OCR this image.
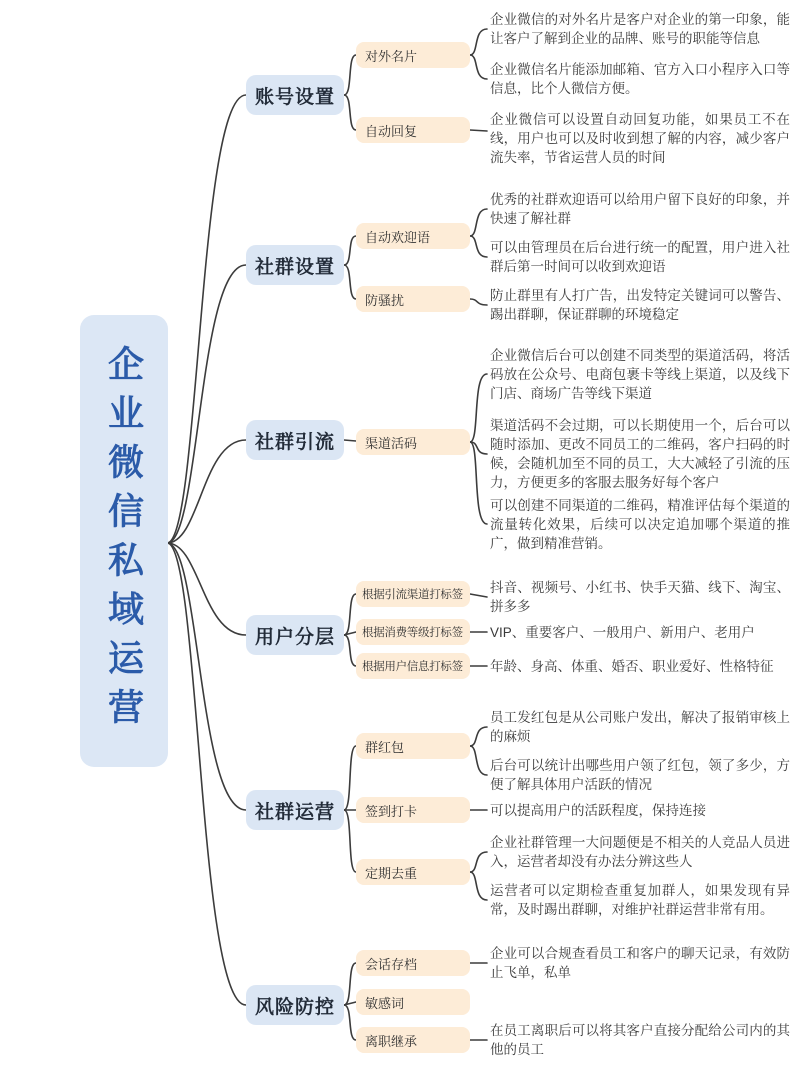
企业微信私域运营
账号设置
社群设置
社群引流
用户分层
社群运营
风险防控
对外名片
自动回复
自动欢迎语
防骚扰
渠道活码
根据引流渠道打标签
根据消费等级打标签
根据用户信息打标签
群红包
签到打卡
定期去重
会话存档
敏感词
离职继承
企业微信的对外名片是客户对企业的第一印象，能让客户了解到企业的品牌、账号的职能等信息
企业微信名片能添加邮箱、官方入口小程序入口等信息，比个人微信方便。
企业微信可以设置自动回复功能，如果员工不在线，用户也可以及时收到想了解的内容，减少客户流失率，节省运营人员的时间
优秀的社群欢迎语可以给用户留下良好的印象，并快速了解社群
可以由管理员在后台进行统一的配置，用户进入社群后第一时间可以收到欢迎语
防止群里有人打广告，出发特定关键词可以警告、踢出群聊，保证群聊的环境稳定
企业微信后台可以创建不同类型的渠道活码，将活码放在公众号、电商包裹卡等线上渠道，以及线下门店、商场广告等线下渠道
渠道活码不会过期，可以长期使用一个，后台可以随时添加、更改不同员工的二维码，客户扫码的时候，会随机加至不同的员工，大大减轻了引流的压力，方便更多的客服去服务好每个客户
可以创建不同渠道的二维码，精准评估每个渠道的流量转化效果，后续可以决定追加哪个渠道的推广，做到精准营销。
抖音、视频号、小红书、快手天猫、线下、淘宝、拼多多
VIP、重要客户、一般用户、新用户、老用户
年龄、身高、体重、婚否、职业爱好、性格特征
员工发红包是从公司账户发出，解决了报销审核上的麻烦
后台可以统计出哪些用户领了红包，领了多少，方便了解具体用户活跃的情况
可以提高用户的活跃程度，保持连接
企业社群管理一大问题便是不相关的人竞品人员进入，运营者却没有办法分辨这些人
运营者可以定期检查重复加群人，如果发现有异常，及时踢出群聊，对维护社群运营非常有用。
企业可以合规查看员工和客户的聊天记录，有效防止飞单，私单
在员工离职后可以将其客户直接分配给公司内的其他的员工
